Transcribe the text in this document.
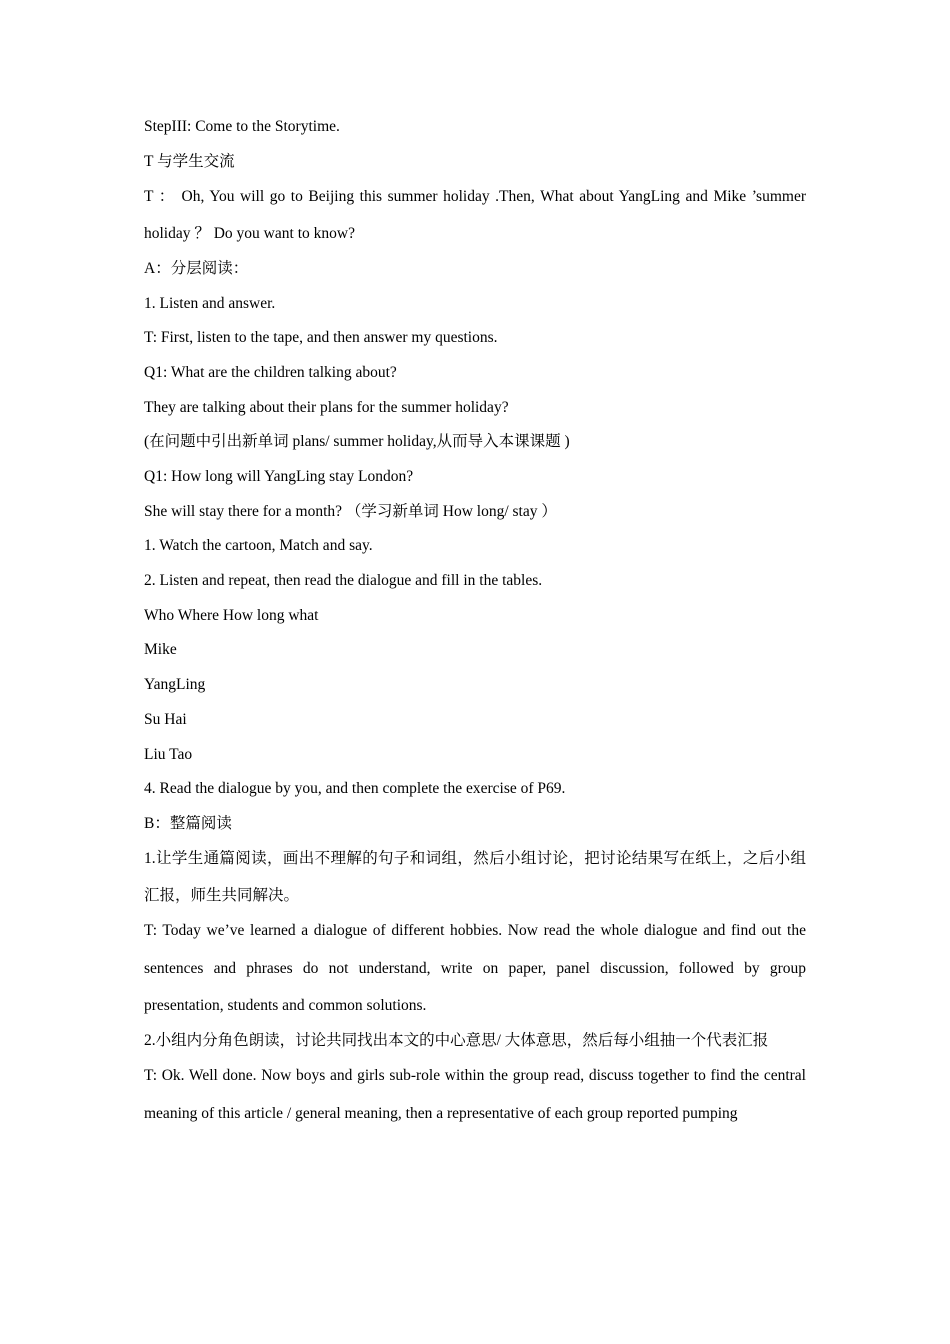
StepIII: Come to the Storytime.

T 与学生交流

T ： Oh, You will go to Beijing this summer holiday .Then, What about YangLing and Mike ’summer holiday ？ Do you want to know?

A：分层阅读：

1. Listen and answer.

T: First, listen to the tape, and then answer my questions.

Q1: What are the children talking about?

They are talking about their plans for the summer holiday?

(在问题中引出新单词 plans/ summer holiday,从而导入本课课题 )

Q1: How long will YangLing stay London?

She will stay there for a month? （学习新单词 How long/ stay ）

1. Watch the cartoon, Match and say.

2. Listen and repeat, then read the dialogue and fill in the tables.

Who Where How long what

Mike

YangLing

Su Hai

Liu Tao

4. Read the dialogue by you, and then complete the exercise of P69.

B：整篇阅读

1.让学生通篇阅读，画出不理解的句子和词组，然后小组讨论，把讨论结果写在纸上，之后小组汇报，师生共同解决。

T: Today we’ve learned a dialogue of different hobbies. Now read the whole dialogue and find out the sentences and phrases do not understand, write on paper, panel discussion, followed by group presentation, students and common solutions.

2.小组内分角色朗读，讨论共同找出本文的中心意思/ 大体意思，然后每小组抽一个代表汇报

T: Ok. Well done. Now boys and girls sub-role within the group read, discuss together to find the central meaning of this article / general meaning, then a representative of each group reported pumping
